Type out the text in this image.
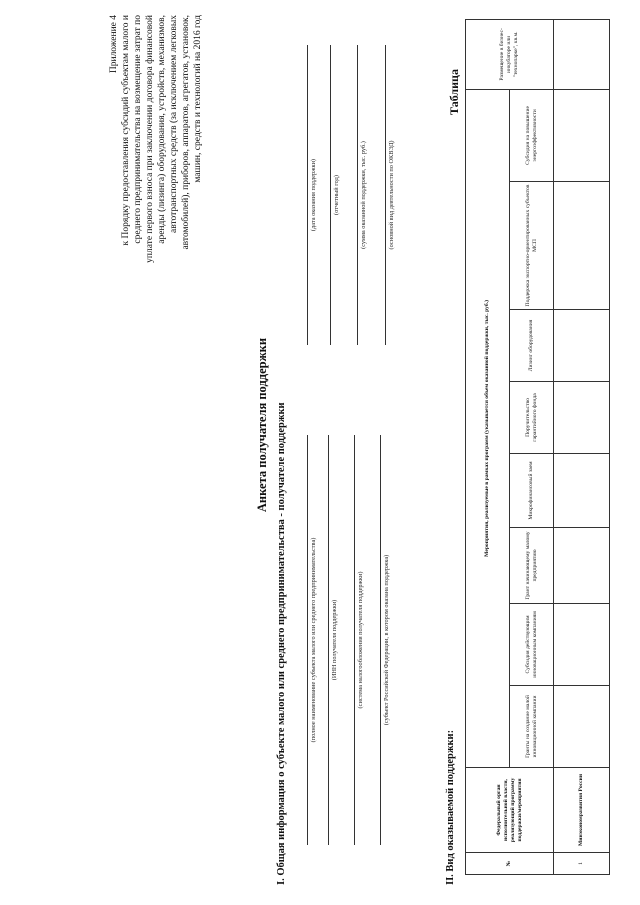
Приложение 4 к Порядку предоставления субсидий субъектам малого и среднего предпринимательства на возмещение затрат по уплате первого взноса при заключении договора финансовой аренды (лизинга) оборудования, устройств, механизмов, автотранспортных средств (за исключением легковых автомобилей), приборов, аппаратов, агрегатов, установок, машин, средств и технологий на 2016 год
Анкета получателя поддержки I. Общая информация о субъекте малого или среднего предпринимательства - получателе поддержки	(полное наименование субъекта малого или среднего предпринимательства) (ИНН получателя поддержки)	(система налогообложения получателя поддержки)	(субъект Российской Федерации, в котором оказана поддержка)
(дата оказания поддержки)	(отчетный год)	(сумма оказанной поддержки, тыс. руб.)	(основной вид деятельности по ОКВЭД)
II. Вид оказываемой поддержки:
Таблица
№	Федеральный орган исполнительной власти, реализующий программу поддержки/мероприятия	Мероприятия, реализуемые в рамках программ (указывается объем оказанной поддержки, тыс. руб.)								Размещение в бизнес-инкубаторе или "технопарке", кв.м.
		Гранты на создание малой инновационной компании	Субсидия действующим инновационным компаниям	Грант начинающему малому предприятию	Микрофинансовый заем	Поручительство гарантийного фонда	Лизинг оборудования	Поддержка экспортно-ориентированных субъектов МСП	Субсидия на повышение энергоэффективности	
1	Минэкономразвития России									
